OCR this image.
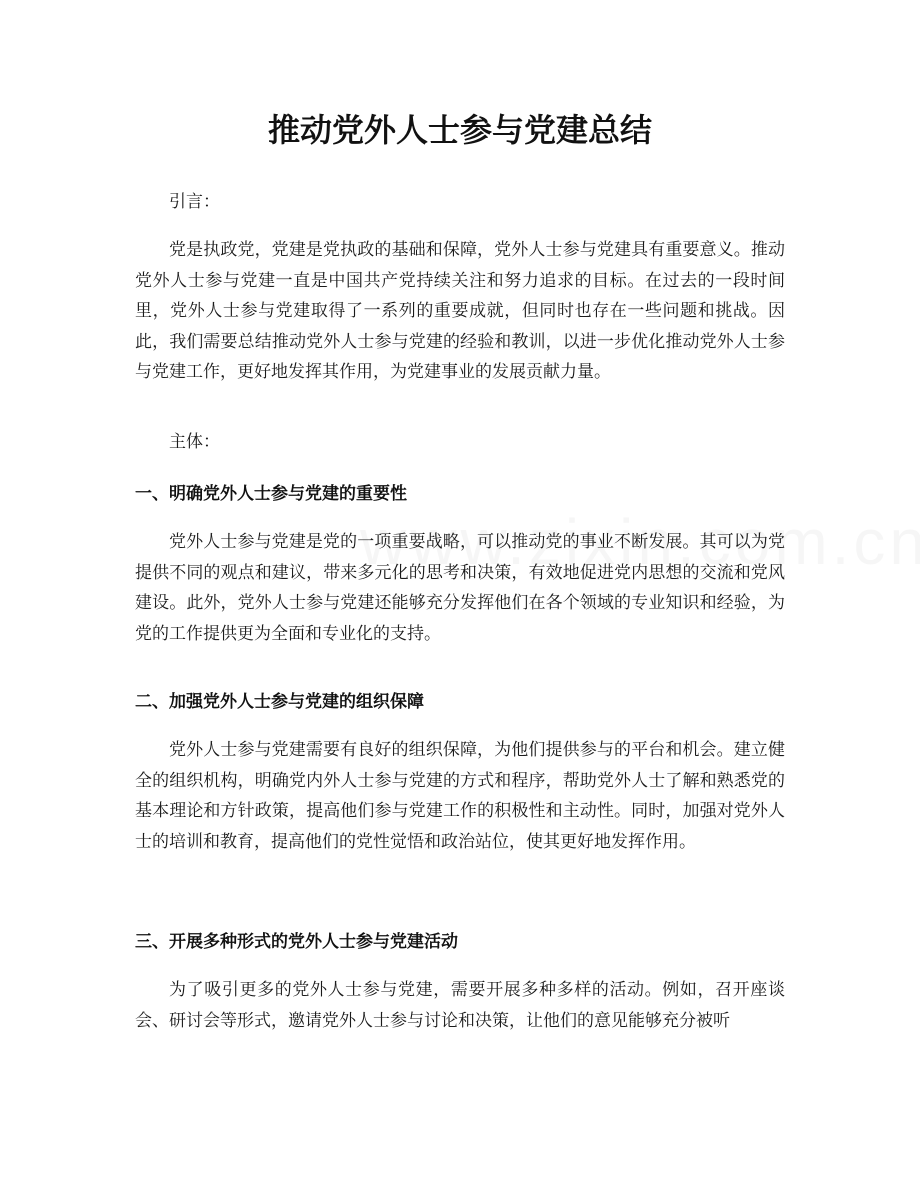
推动党外人士参与党建总结

引言：

党是执政党，党建是党执政的基础和保障，党外人士参与党建具有重要意义。推动党外人士参与党建一直是中国共产党持续关注和努力追求的目标。在过去的一段时间里，党外人士参与党建取得了一系列的重要成就，但同时也存在一些问题和挑战。因此，我们需要总结推动党外人士参与党建的经验和教训，以进一步优化推动党外人士参与党建工作，更好地发挥其作用，为党建事业的发展贡献力量。

主体：

一、明确党外人士参与党建的重要性

党外人士参与党建是党的一项重要战略，可以推动党的事业不断发展。其可以为党提供不同的观点和建议，带来多元化的思考和决策，有效地促进党内思想的交流和党风建设。此外，党外人士参与党建还能够充分发挥他们在各个领域的专业知识和经验，为党的工作提供更为全面和专业化的支持。

二、加强党外人士参与党建的组织保障

党外人士参与党建需要有良好的组织保障，为他们提供参与的平台和机会。建立健全的组织机构，明确党内外人士参与党建的方式和程序，帮助党外人士了解和熟悉党的基本理论和方针政策，提高他们参与党建工作的积极性和主动性。同时，加强对党外人士的培训和教育，提高他们的党性觉悟和政治站位，使其更好地发挥作用。

三、开展多种形式的党外人士参与党建活动

为了吸引更多的党外人士参与党建，需要开展多种多样的活动。例如，召开座谈会、研讨会等形式，邀请党外人士参与讨论和决策，让他们的意见能够充分被听
